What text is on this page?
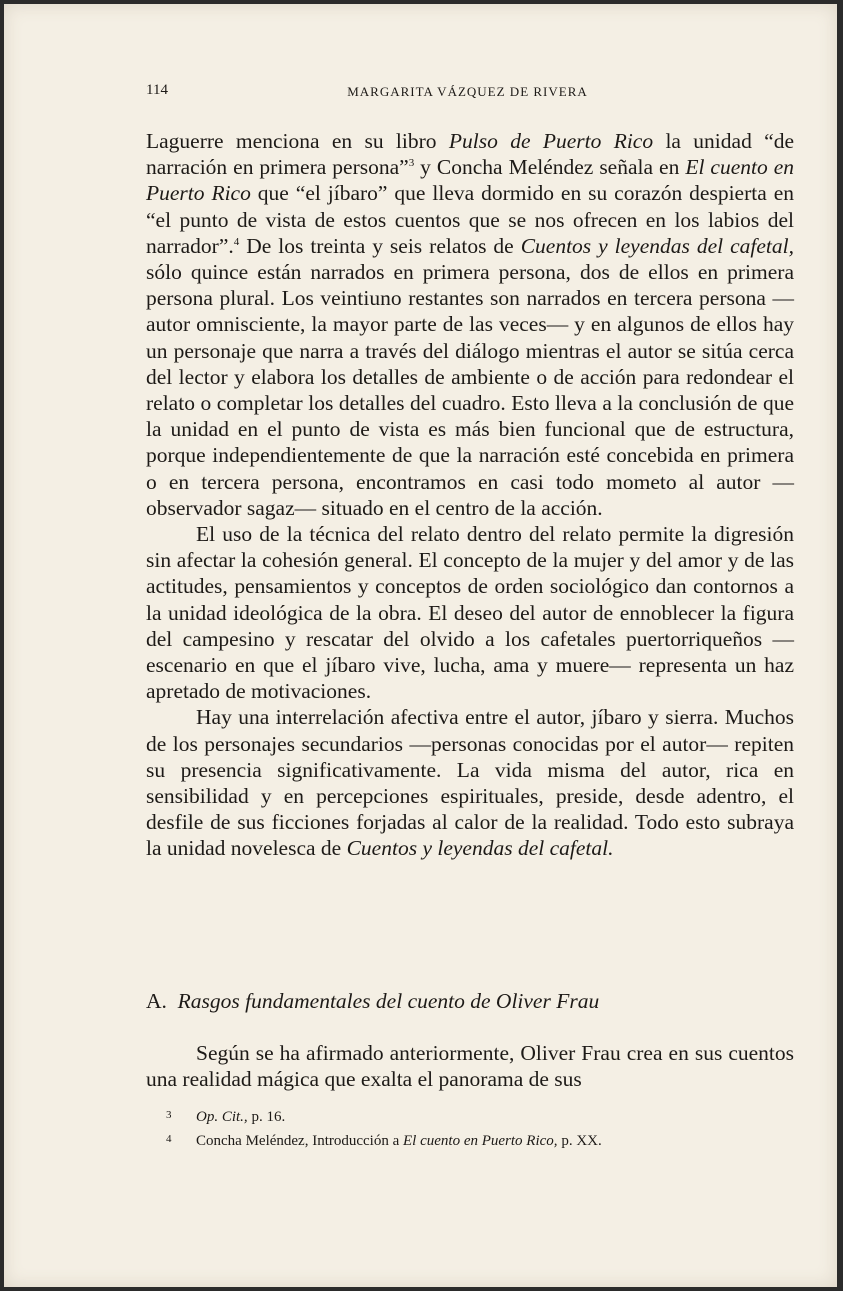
114	MARGARITA VÁZQUEZ DE RIVERA

Laguerre menciona en su libro Pulso de Puerto Rico la unidad “de narración en primera persona”$^3$ y Concha Meléndez señala en El cuento en Puerto Rico que “el jíbaro” que lleva dormido en su corazón despierta en “el punto de vista de estos cuentos que se nos ofrecen en los labios del narrador”.$^4$ De los treinta y seis relatos de Cuentos y leyendas del cafetal, sólo quince están narrados en primera persona, dos de ellos en primera persona plural. Los veintiuno restantes son narrados en tercera persona —autor omnisciente, la mayor parte de las veces— y en algunos de ellos hay un personaje que narra a través del diálogo mientras el autor se sitúa cerca del lector y elabora los detalles de ambiente o de acción para redondear el relato o completar los detalles del cuadro. Esto lleva a la conclusión de que la unidad en el punto de vista es más bien funcional que de estructura, porque independientemente de que la narración esté concebida en primera o en tercera persona, encontramos en casi todo mometo al autor —observador sagaz— situado en el centro de la acción.

El uso de la técnica del relato dentro del relato permite la digresión sin afectar la cohesión general. El concepto de la mujer y del amor y de las actitudes, pensamientos y conceptos de orden sociológico dan contornos a la unidad ideológica de la obra. El deseo del autor de ennoblecer la figura del campesino y rescatar del olvido a los cafetales puertorriqueños —escenario en que el jíbaro vive, lucha, ama y muere— representa un haz apretado de motivaciones.

Hay una interrelación afectiva entre el autor, jíbaro y sierra. Muchos de los personajes secundarios —personas conocidas por el autor— repiten su presencia significativamente. La vida misma del autor, rica en sensibilidad y en percepciones espirituales, preside, desde adentro, el desfile de sus ficciones forjadas al calor de la realidad. Todo esto subraya la unidad novelesca de Cuentos y leyendas del cafetal.

A. Rasgos fundamentales del cuento de Oliver Frau

Según se ha afirmado anteriormente, Oliver Frau crea en sus cuentos una realidad mágica que exalta el panorama de sus

3 Op. Cit., p. 16.
4 Concha Meléndez, Introducción a El cuento en Puerto Rico, p. XX.
